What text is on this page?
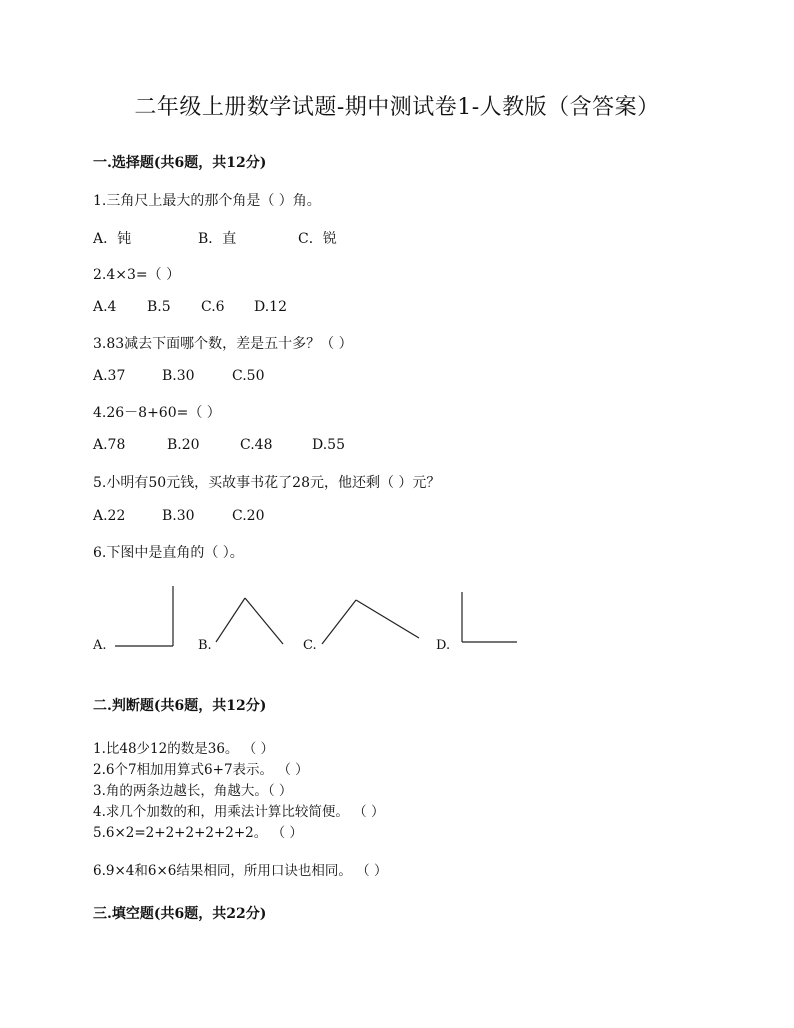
二年级上册数学试题-期中测试卷1-人教版（含答案）
一.选择题(共6题，共12分)
1.三角尺上最大的那个角是（ ）角。
A．钝	B．直	C．锐
2.4×3=（ ）
A.4 B.5 C.6 D.12
3.83减去下面哪个数，差是五十多？（ ）
A.37	B.30	C.50
4.26－8+60=（ ）
A.78	B.20	C.48	D.55
5.小明有50元钱，买故事书花了28元，他还剩（ ）元？
A.22	B.30	C.20
6.下图中是直角的（ ）。
A.	B.	C.	D.
二.判断题(共6题，共12分)
1.比48少12的数是36。 （ ）
2.6个7相加用算式6+7表示。 （ ）
3.角的两条边越长，角越大。（ ）
4.求几个加数的和，用乘法计算比较简便。 （ ）
5.6×2=2+2+2+2+2+2。 （ ）
6.9×4和6×6结果相同，所用口诀也相同。 （ ）
三.填空题(共6题，共22分)
